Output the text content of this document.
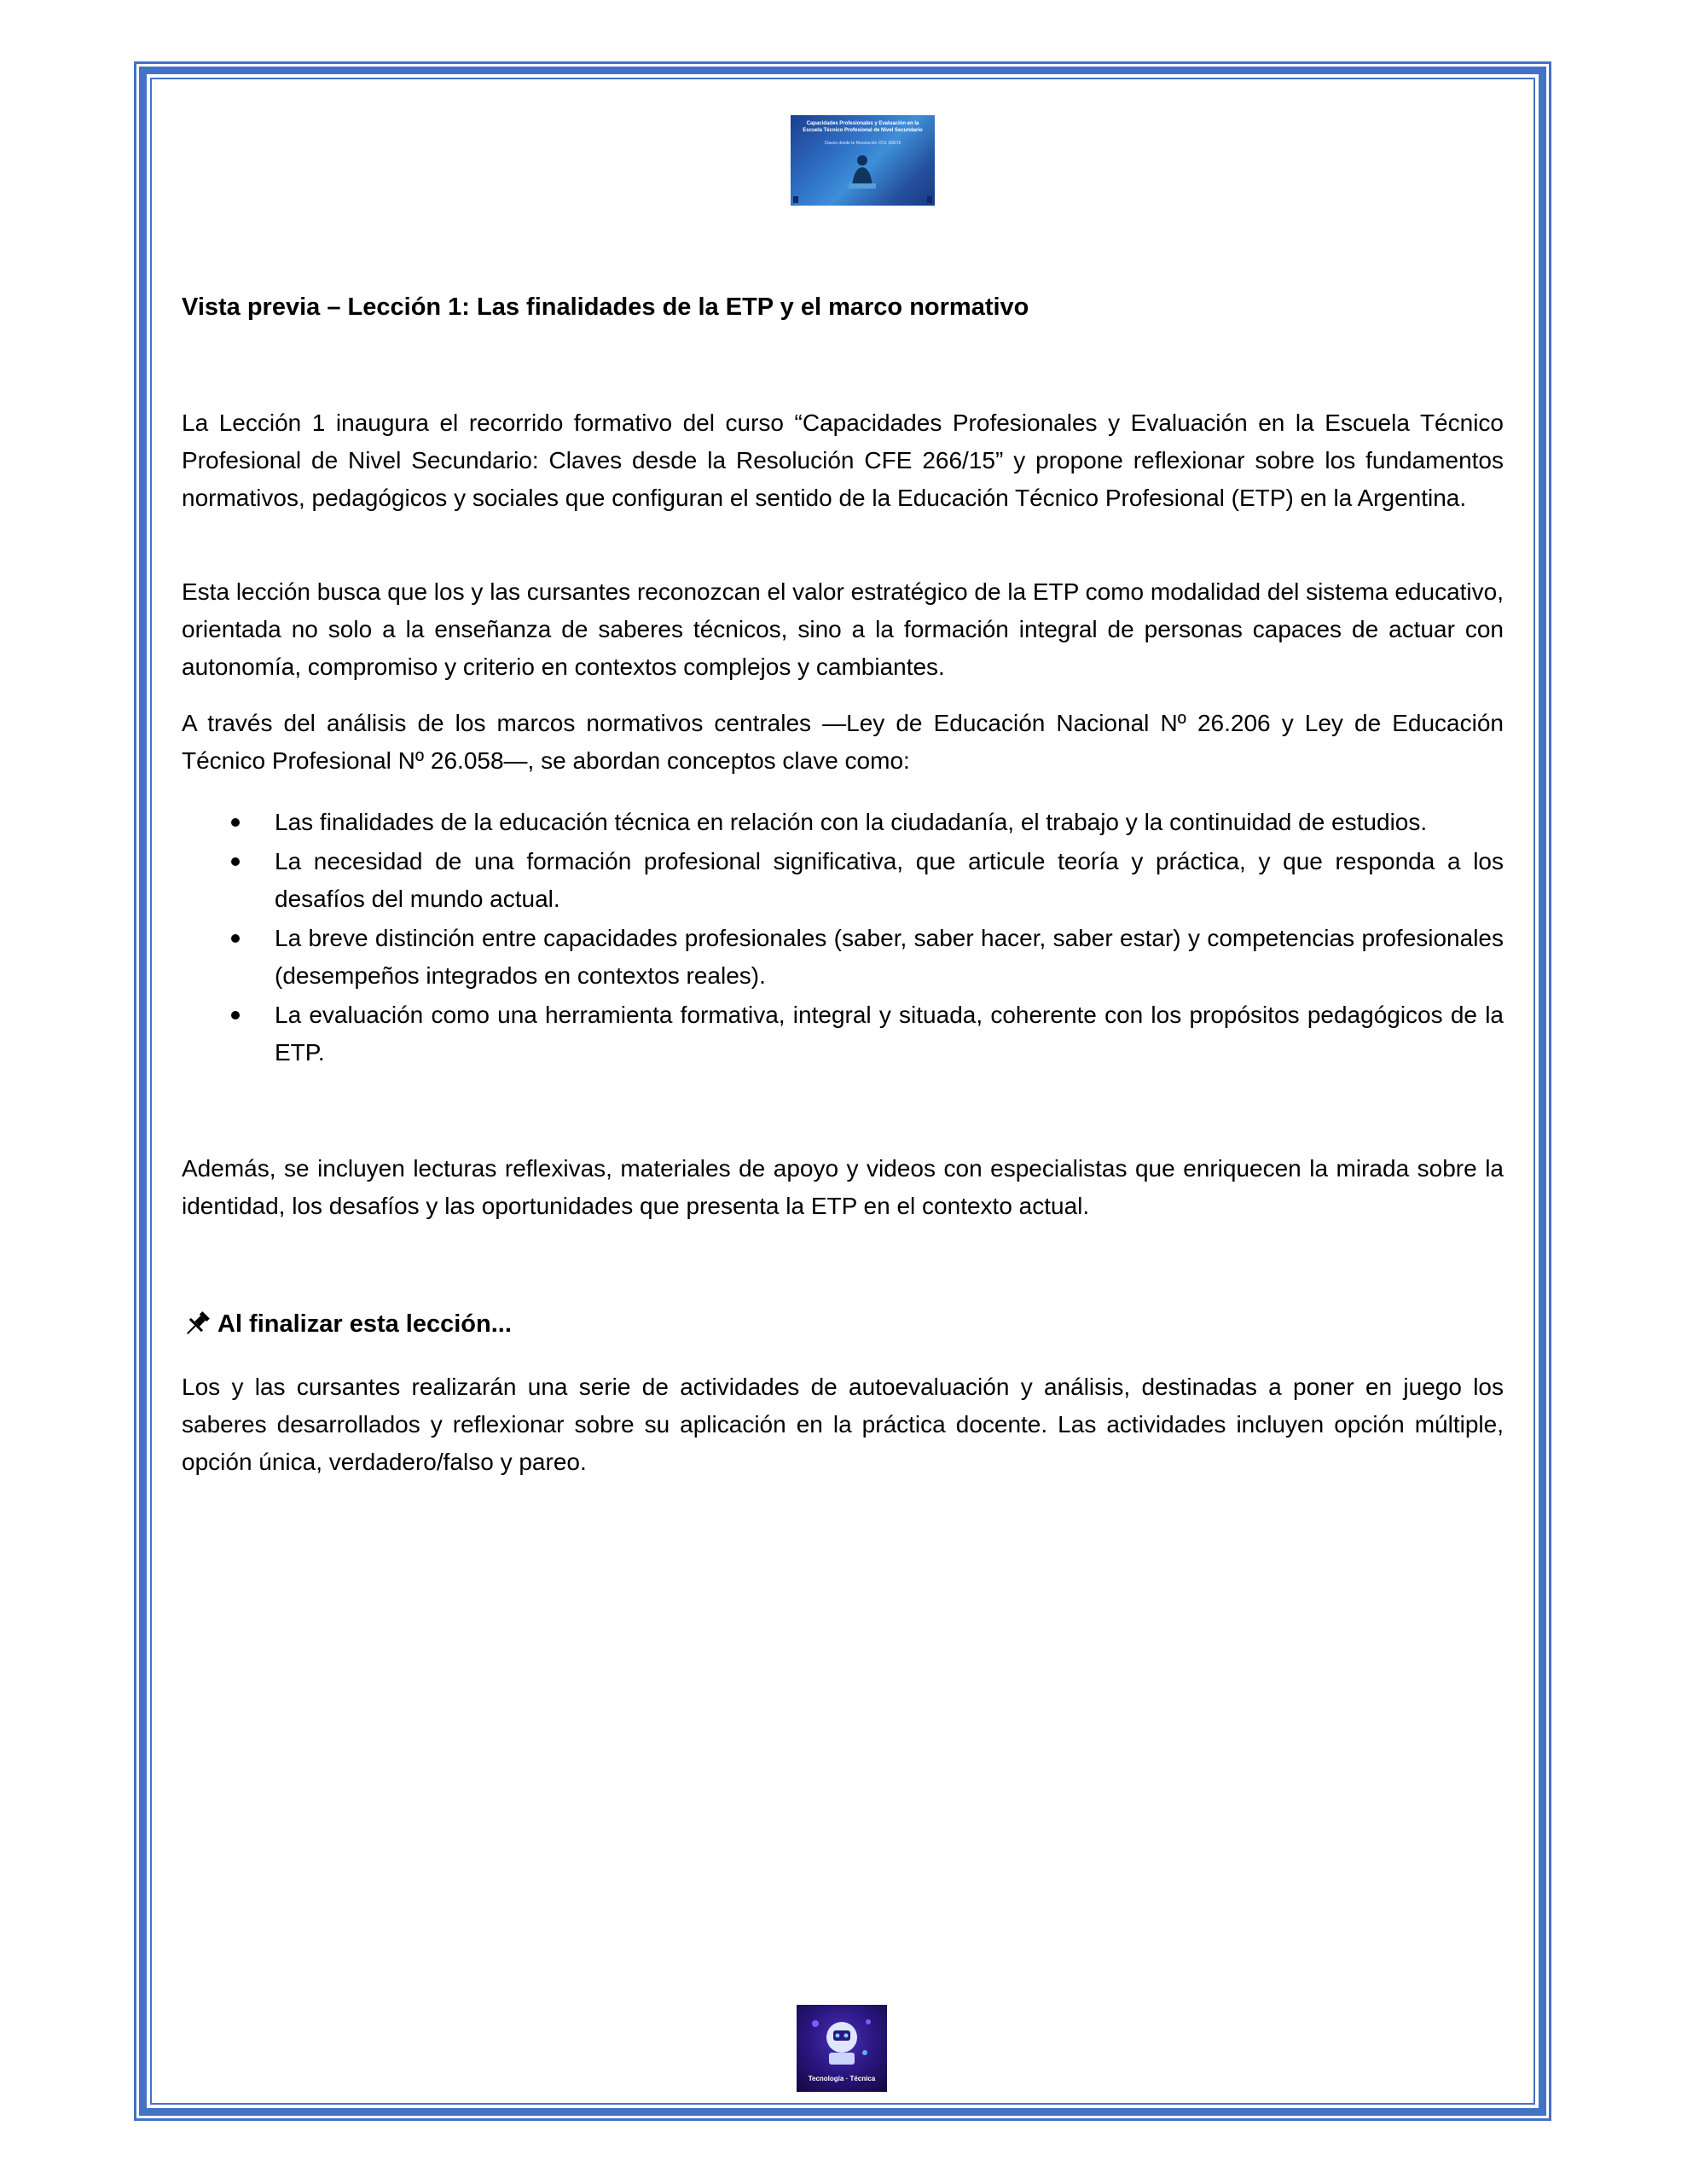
Capacidades Profesionales y Evaluación en la Escuela Técnico Profesional de Nivel Secundario
Claves desde la Resolución CFE 266/15
Vista previa – Lección 1: Las finalidades de la ETP y el marco normativo

La Lección 1 inaugura el recorrido formativo del curso “Capacidades Profesionales y Evaluación en la Escuela Técnico Profesional de Nivel Secundario: Claves desde la Resolución CFE 266/15” y propone reflexionar sobre los fundamentos normativos, pedagógicos y sociales que configuran el sentido de la Educación Técnico Profesional (ETP) en la Argentina.

Esta lección busca que los y las cursantes reconozcan el valor estratégico de la ETP como modalidad del sistema educativo, orientada no solo a la enseñanza de saberes técnicos, sino a la formación integral de personas capaces de actuar con autonomía, compromiso y criterio en contextos complejos y cambiantes.

A través del análisis de los marcos normativos centrales —Ley de Educación Nacional Nº 26.206 y Ley de Educación Técnico Profesional Nº 26.058—, se abordan conceptos clave como:

Las finalidades de la educación técnica en relación con la ciudadanía, el trabajo y la continuidad de estudios.
La necesidad de una formación profesional significativa, que articule teoría y práctica, y que responda a los desafíos del mundo actual.
La breve distinción entre capacidades profesionales (saber, saber hacer, saber estar) y competencias profesionales (desempeños integrados en contextos reales).
La evaluación como una herramienta formativa, integral y situada, coherente con los propósitos pedagógicos de la ETP.

Además, se incluyen lecturas reflexivas, materiales de apoyo y videos con especialistas que enriquecen la mirada sobre la identidad, los desafíos y las oportunidades que presenta la ETP en el contexto actual.

Al finalizar esta lección...

Los y las cursantes realizarán una serie de actividades de autoevaluación y análisis, destinadas a poner en juego los saberes desarrollados y reflexionar sobre su aplicación en la práctica docente. Las actividades incluyen opción múltiple, opción única, verdadero/falso y pareo.

Tecnología · Técnica
